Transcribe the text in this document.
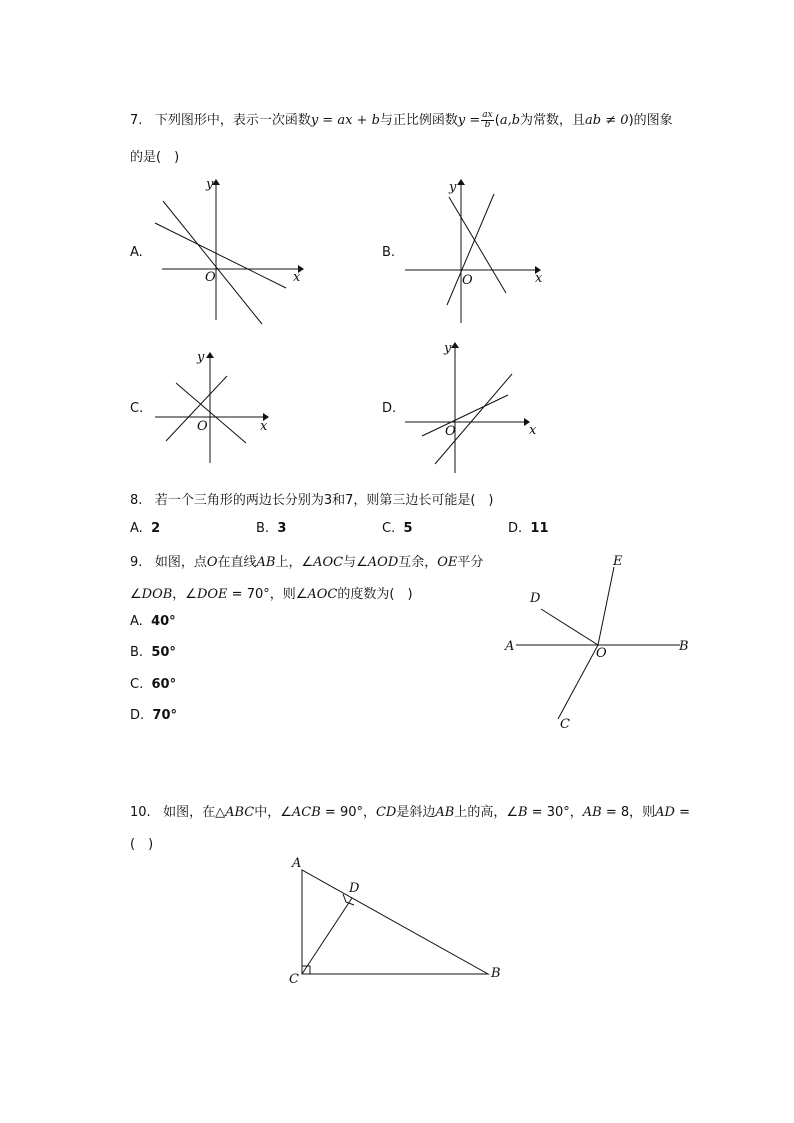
7. 下列图形中，表示一次函数y = ax + b与正比例函数$y = \frac{ax}{b} (a,b$为常数，且ab ≠ 0)的图象
的是(　)
A.
x
y
O
B.
x
y
O
C.
x
y
O
D.
x
y
O
8. 若一个三角形的两边长分别为3和7，则第三边长可能是(　)
A. 2	B. 3	C. 5	D. 11
9. 如图，点O在直线AB上，∠AOC与∠AOD互余，OE平分
∠DOB，∠DOE = 70°，则∠AOC的度数为(　)
A. 40°
B. 50°
C. 60°
D. 70°
A	B
C
D
E
O
10. 如图，在△ABC中，∠ACB = 90°，CD是斜边AB上的高，∠B = 30°，AB = 8，则AD =
(　)
A
B
C
D
